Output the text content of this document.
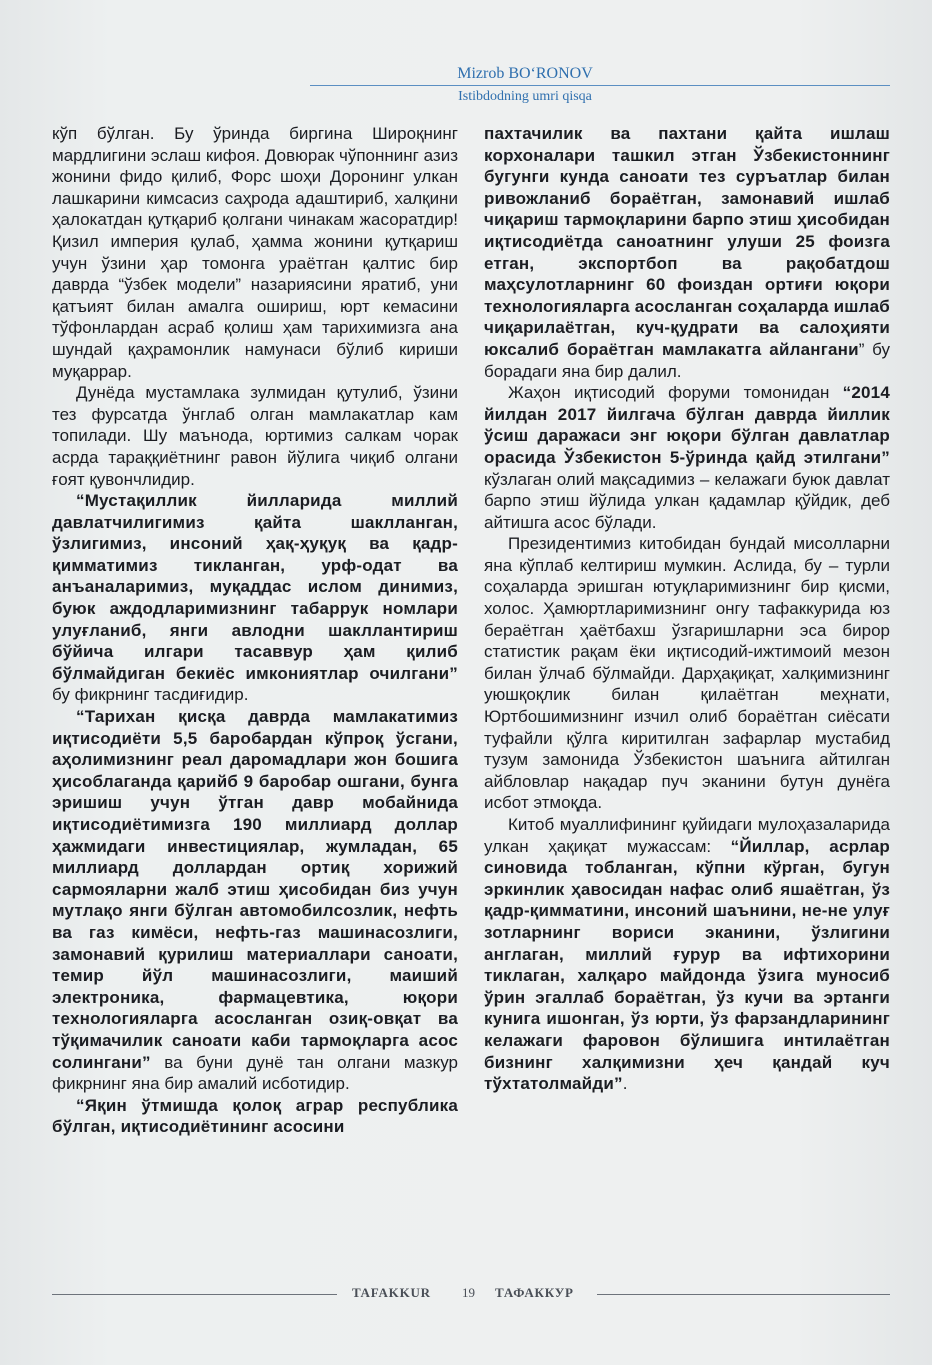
Mizrob BO‘RONOV
Istibdodning umri qisqa

кўп бўлган. Бу ўринда биргина Широқнинг мардлигини эслаш кифоя. Довюрак чўпоннинг азиз жонини фидо қилиб, Форс шоҳи Доронинг улкан лашкарини кимсасиз саҳрода адаштириб, халқини ҳалокатдан қутқариб қолгани чинакам жасоратдир! Қизил империя қулаб, ҳамма жонини қутқариш учун ўзини ҳар томонга ураётган қалтис бир даврда “ўзбек модели” назариясини яратиб, уни қатъият билан амалга ошириш, юрт кемасини тўфонлардан асраб қолиш ҳам тарихимизга ана шундай қаҳрамонлик намунаси бўлиб кириши муқаррар.

Дунёда мустамлака зулмидан қутулиб, ўзини тез фурсатда ўнглаб олган мамлакатлар кам топилади. Шу маънода, юртимиз салкам чорак асрда тараққиётнинг равон йўлига чиқиб олгани ғоят қувончлидир.

“Мустақиллик йилларида миллий давлатчилигимиз қайта шаклланган, ўзлигимиз, инсоний ҳақ-ҳуқуқ ва қадр-қимматимиз тикланган, урф-одат ва анъаналаримиз, муқаддас ислом динимиз, буюк аждодларимизнинг табаррук номлари улуғланиб, янги авлодни шакллантириш бўйича илгари тасаввур ҳам қилиб бўлмайдиган бекиёс имкониятлар очилгани” бу фикрнинг тасдиғидир.

“Тарихан қисқа даврда мамлакатимиз иқтисодиёти 5,5 баробардан кўпроқ ўсгани, аҳолимизнинг реал даромадлари жон бошига ҳисоблаганда қарийб 9 баробар ошгани, бунга эришиш учун ўтган давр мобайнида иқтисодиётимизга 190 миллиард доллар ҳажмидаги инвестициялар, жумладан, 65 миллиард доллардан ортиқ хорижий сармояларни жалб этиш ҳисобидан биз учун мутлақо янги бўлган автомобилсозлик, нефть ва газ кимёси, нефть-газ машинасозлиги, замонавий қурилиш материаллари саноати, темир йўл машинасозлиги, маиший электроника, фармацевтика, юқори технологияларга асосланган озиқ-овқат ва тўқимачилик саноати каби тармоқларга асос солингани” ва буни дунё тан олгани мазкур фикрнинг яна бир амалий исботидир.

“Яқин ўтмишда қолоқ аграр республика бўлган, иқтисодиётининг асосини

пахтачилик ва пахтани қайта ишлаш корхоналари ташкил этган Ўзбекистоннинг бугунги кунда саноати тез суръатлар билан ривожланиб бораётган, замонавий ишлаб чиқариш тармоқларини барпо этиш ҳисобидан иқтисодиётда саноатнинг улуши 25 фоизга етган, экспортбоп ва рақобатдош маҳсулотларнинг 60 фоиздан ортиғи юқори технологияларга асосланган соҳаларда ишлаб чиқарилаётган, куч-қудрати ва салоҳияти юксалиб бораётган мамлакатга айлангани” бу борадаги яна бир далил.

Жаҳон иқтисодий форуми томонидан “2014 йилдан 2017 йилгача бўлган даврда йиллик ўсиш даражаси энг юқори бўлган давлатлар орасида Ўзбекистон 5-ўринда қайд этилгани” кўзлаган олий мақсадимиз – келажаги буюк давлат барпо этиш йўлида улкан қадамлар қўйдик, деб айтишга асос бўлади.

Президентимиз китобидан бундай мисолларни яна кўплаб келтириш мумкин. Аслида, бу – турли соҳаларда эришган ютуқларимизнинг бир қисми, холос. Ҳамюртларимизнинг онгу тафаккурида юз бераётган ҳаётбахш ўзгаришларни эса бирор статистик рақам ёки иқтисодий-ижтимоий мезон билан ўлчаб бўлмайди. Дарҳақиқат, халқимизнинг уюшқоқлик билан қилаётган меҳнати, Юртбошимизнинг изчил олиб бораётган сиёсати туфайли қўлга киритилган зафарлар мустабид тузум замонида Ўзбекистон шаънига айтилган айбловлар нақадар пуч эканини бутун дунёга исбот этмоқда.

Китоб муаллифининг қуйидаги мулоҳазаларида улкан ҳақиқат мужассам: “Йиллар, асрлар синовида тобланган, кўпни кўрган, бугун эркинлик ҳавосидан нафас олиб яшаётган, ўз қадр-қимматини, инсоний шаънини, не-не улуғ зотларнинг вориси эканини, ўзлигини англаган, миллий ғурур ва ифтихорини тиклаган, халқаро майдонда ўзига муносиб ўрин эгаллаб бораётган, ўз кучи ва эртанги кунига ишонган, ўз юрти, ўз фарзандларининг келажаги фаровон бўлишига интилаётган бизнинг халқимизни ҳеч қандай куч тўхтатолмайди”.

TAFAKKUR 19 ТАФАККУР
